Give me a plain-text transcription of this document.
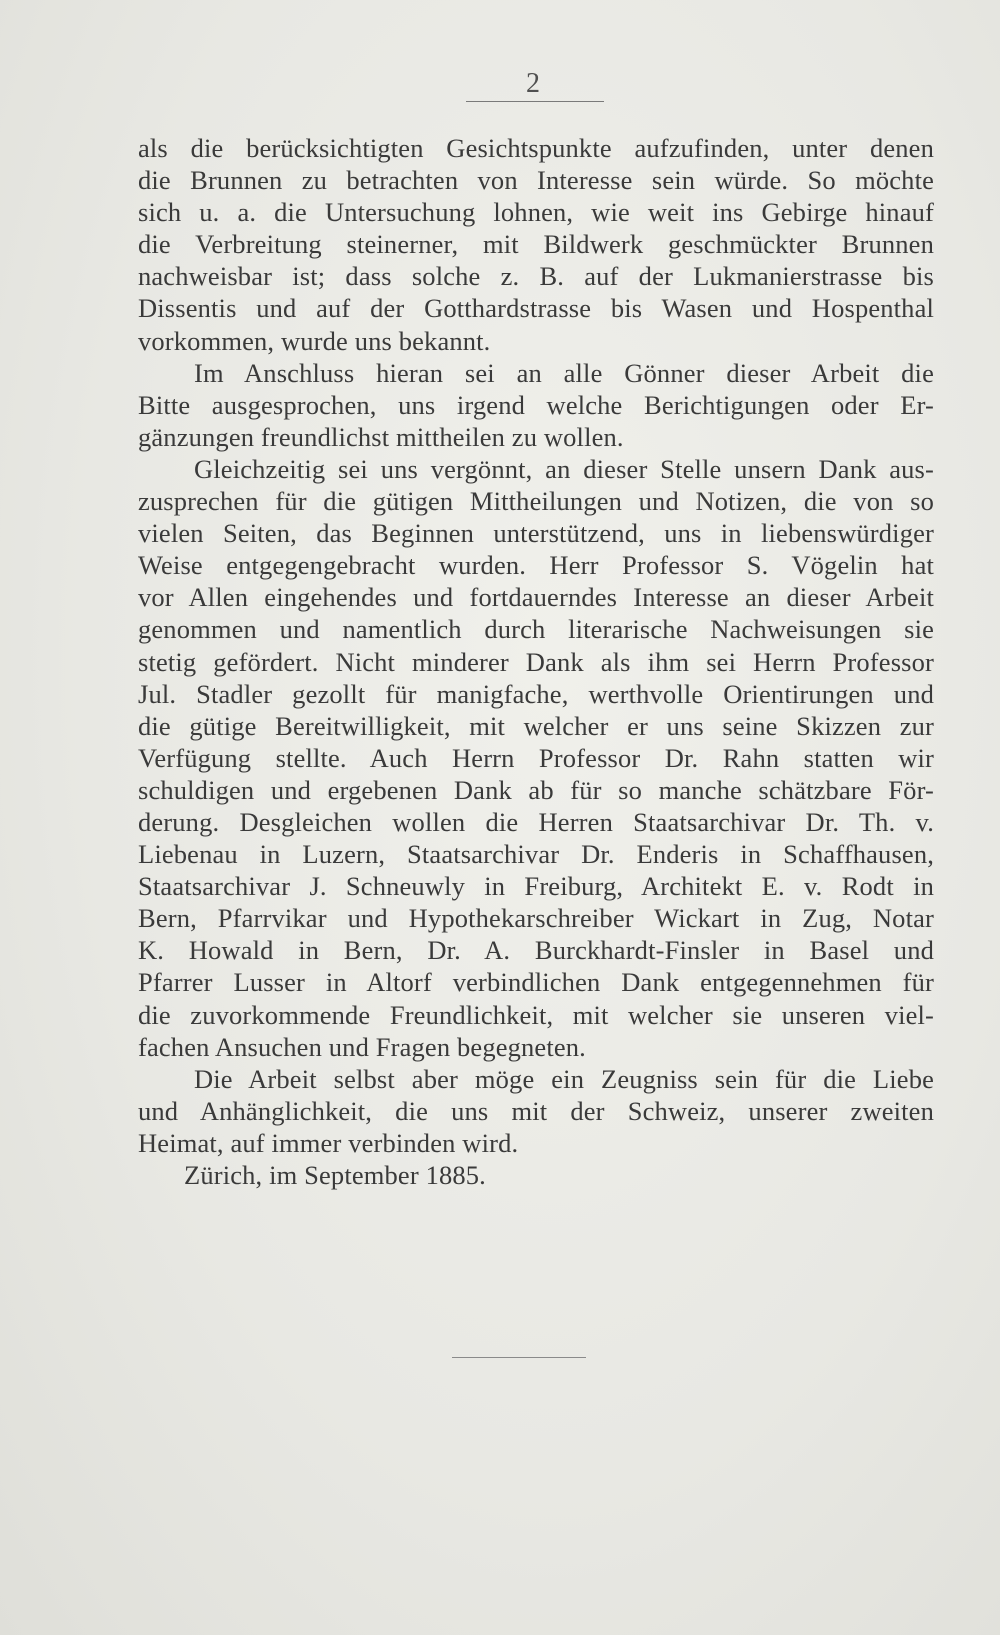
2
als die berücksichtigten Gesichtspunkte aufzufinden, unter denen
die Brunnen zu betrachten von Interesse sein würde. So möchte
sich u. a. die Untersuchung lohnen, wie weit ins Gebirge hinauf
die Verbreitung steinerner, mit Bildwerk geschmückter Brunnen
nachweisbar ist; dass solche z. B. auf der Lukmanierstrasse bis
Dissentis und auf der Gotthardstrasse bis Wasen und Hospenthal
vorkommen, wurde uns bekannt.
Im Anschluss hieran sei an alle Gönner dieser Arbeit die
Bitte ausgesprochen, uns irgend welche Berichtigungen oder Er-
gänzungen freundlichst mittheilen zu wollen.
Gleichzeitig sei uns vergönnt, an dieser Stelle unsern Dank aus-
zusprechen für die gütigen Mittheilungen und Notizen, die von so
vielen Seiten, das Beginnen unterstützend, uns in liebenswürdiger
Weise entgegengebracht wurden. Herr Professor S. Vögelin hat
vor Allen eingehendes und fortdauerndes Interesse an dieser Arbeit
genommen und namentlich durch literarische Nachweisungen sie
stetig gefördert. Nicht minderer Dank als ihm sei Herrn Professor
Jul. Stadler gezollt für manigfache, werthvolle Orientirungen und
die gütige Bereitwilligkeit, mit welcher er uns seine Skizzen zur
Verfügung stellte. Auch Herrn Professor Dr. Rahn statten wir
schuldigen und ergebenen Dank ab für so manche schätzbare För-
derung. Desgleichen wollen die Herren Staatsarchivar Dr. Th. v.
Liebenau in Luzern, Staatsarchivar Dr. Enderis in Schaffhausen,
Staatsarchivar J. Schneuwly in Freiburg, Architekt E. v. Rodt in
Bern, Pfarrvikar und Hypothekarschreiber Wickart in Zug, Notar
K. Howald in Bern, Dr. A. Burckhardt-Finsler in Basel und
Pfarrer Lusser in Altorf verbindlichen Dank entgegennehmen für
die zuvorkommende Freundlichkeit, mit welcher sie unseren viel-
fachen Ansuchen und Fragen begegneten.
Die Arbeit selbst aber möge ein Zeugniss sein für die Liebe
und Anhänglichkeit, die uns mit der Schweiz, unserer zweiten
Heimat, auf immer verbinden wird.
Zürich, im September 1885.
